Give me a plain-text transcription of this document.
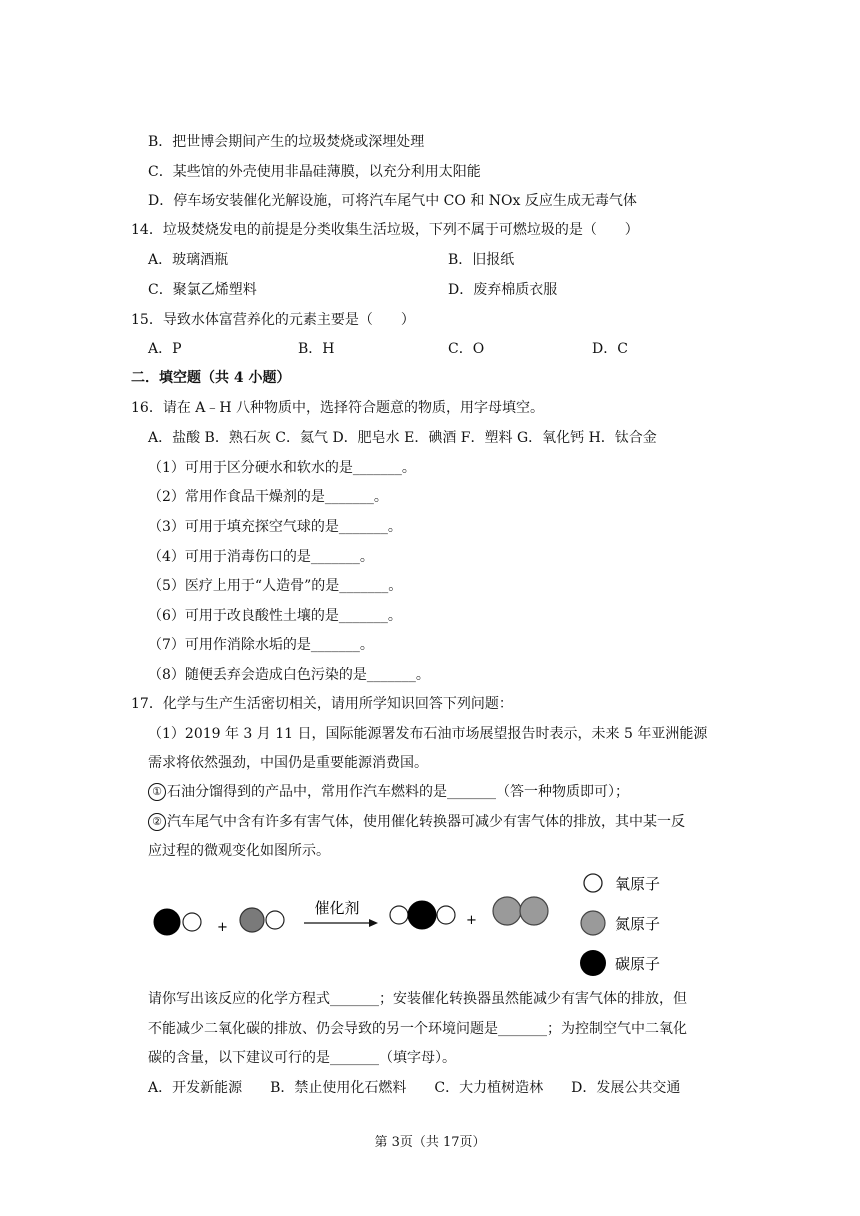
B．把世博会期间产生的垃圾焚烧或深埋处理
C．某些馆的外壳使用非晶硅薄膜，以充分利用太阳能
D．停车场安装催化光解设施，可将汽车尾气中 CO 和 NOx 反应生成无毒气体
14．垃圾焚烧发电的前提是分类收集生活垃圾，下列不属于可燃垃圾的是（　　）
A．玻璃酒瓶	B．旧报纸
C．聚氯乙烯塑料	D．废弃棉质衣服
15．导致水体富营养化的元素主要是（　　）
A．P	B．H	C．O	D．C
二．填空题（共 4 小题）
16．请在 A﹣H 八种物质中，选择符合题意的物质，用字母填空。
A．盐酸 B．熟石灰 C．氦气 D．肥皂水 E．碘酒 F．塑料 G．氧化钙 H．钛合金
（1）可用于区分硬水和软水的是_______。
（2）常用作食品干燥剂的是_______。
（3）可用于填充探空气球的是_______。
（4）可用于消毒伤口的是_______。
（5）医疗上用于“人造骨”的是_______。
（6）可用于改良酸性土壤的是_______。
（7）可用作消除水垢的是_______。
（8）随便丢弃会造成白色污染的是_______。
17．化学与生产生活密切相关，请用所学知识回答下列问题：
（1）2019 年 3 月 11 日，国际能源署发布石油市场展望报告时表示，未来 5 年亚洲能源
需求将依然强劲，中国仍是重要能源消费国。
① 石油分馏得到的产品中，常用作汽车燃料的是_______（答一种物质即可）；
② 汽车尾气中含有许多有害气体，使用催化转换器可减少有害气体的排放，其中某一反
应过程的微观变化如图所示。
+
催化剂
+
氧原子
氮原子
碳原子
请你写出该反应的化学方程式_______；安装催化转换器虽然能减少有害气体的排放，但
不能减少二氧化碳的排放、仍会导致的另一个环境问题是_______；为控制空气中二氧化
碳的含量，以下建议可行的是_______（填字母）。
A．开发新能源　　B．禁止使用化石燃料　　C．大力植树造林　　D．发展公共交通
第 3页（共 17页）
